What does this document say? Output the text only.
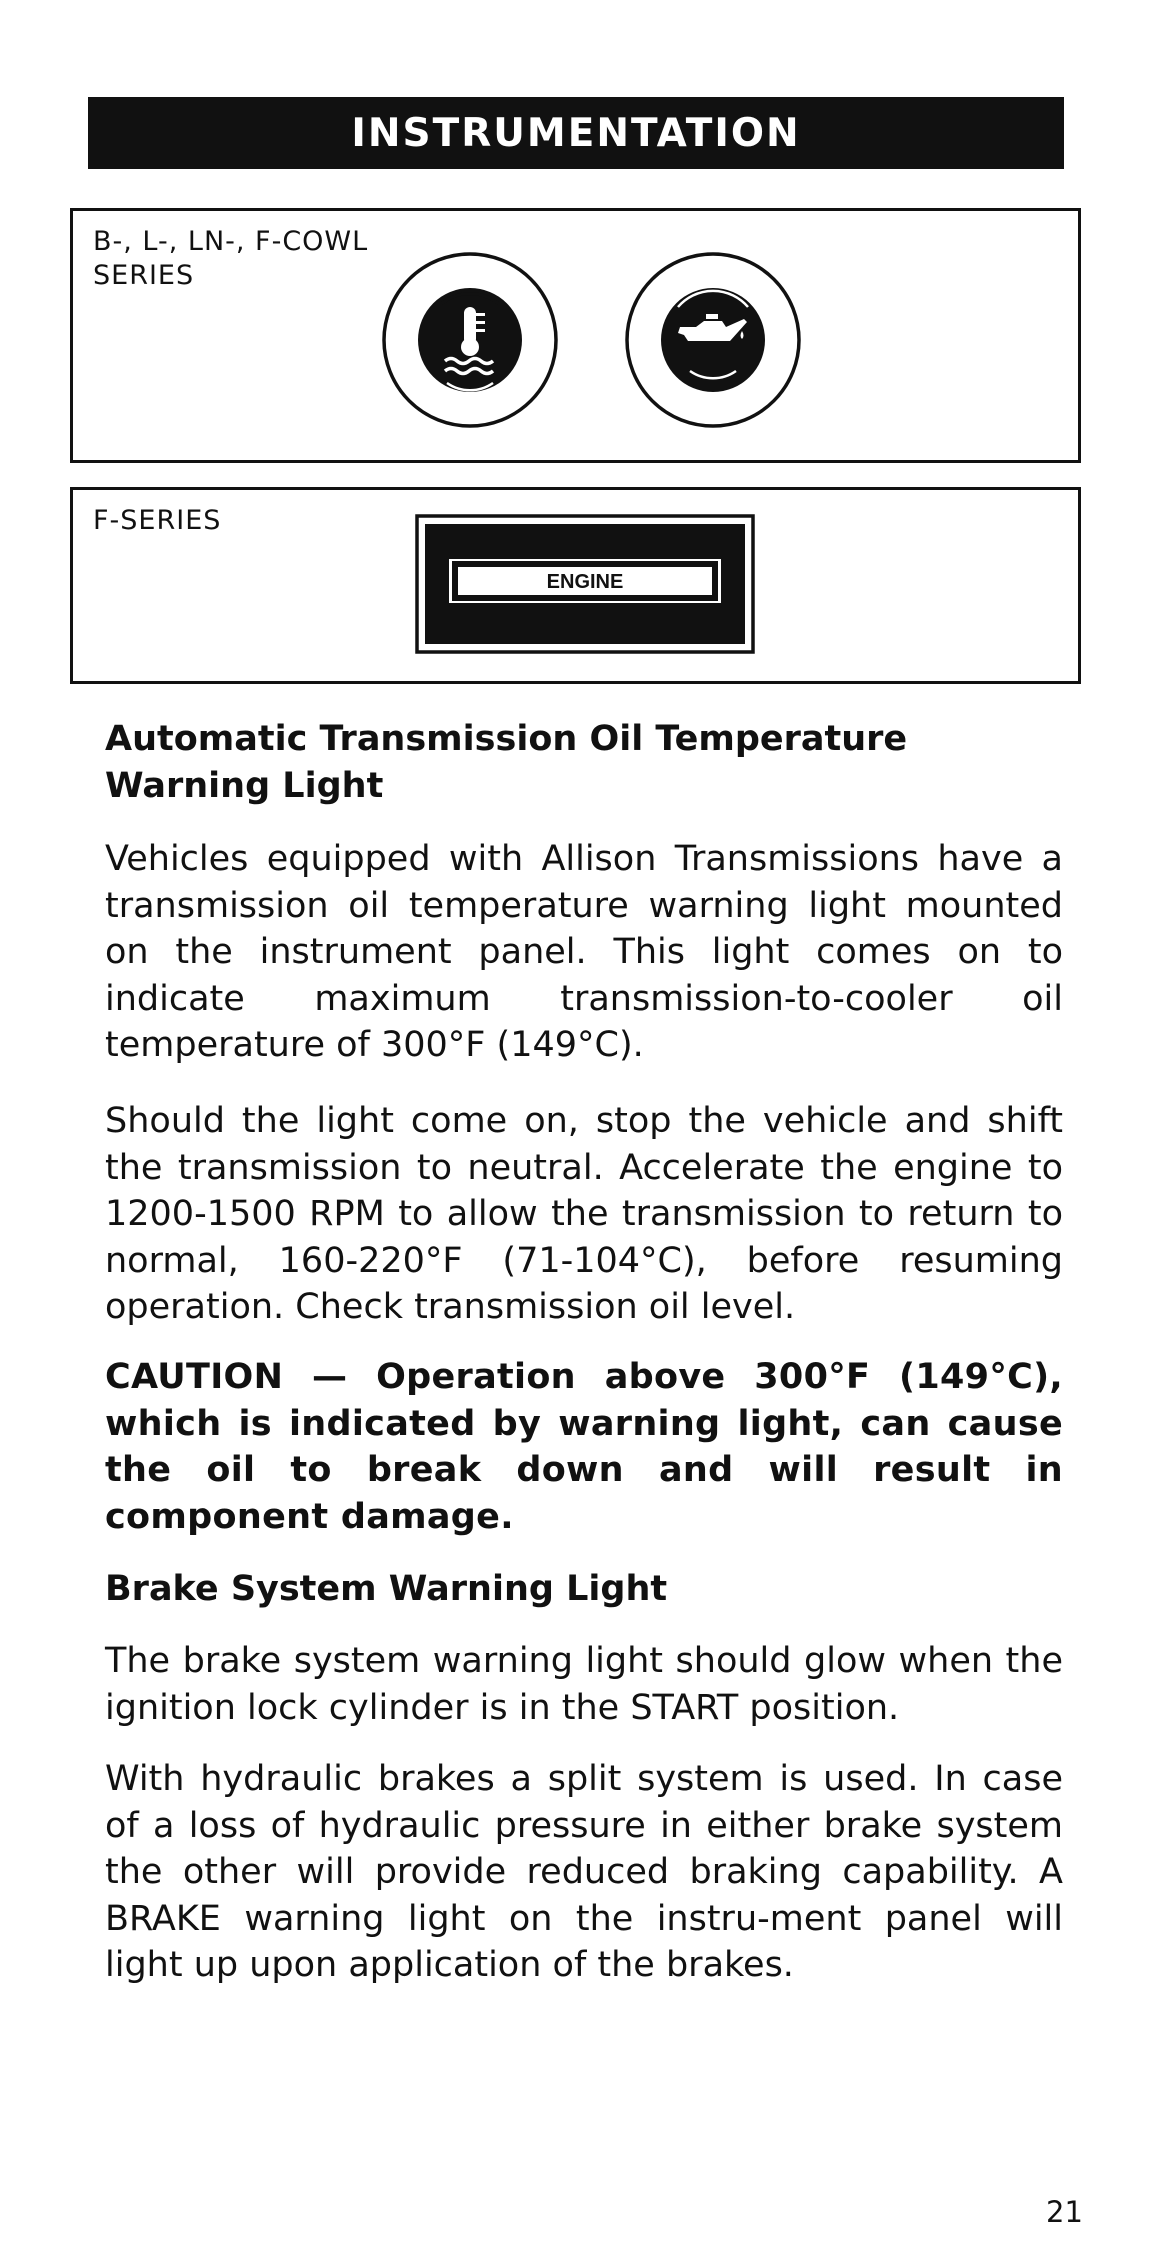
INSTRUMENTATION
B-, L-, LN-, F-COWL
SERIES
F-SERIES
ENGINE
Automatic Transmission Oil Temperature
Warning Light

Vehicles equipped with Allison Transmissions have a transmission oil temperature warning light mounted on the instrument panel. This light comes on to indicate maximum transmission-to-cooler oil temperature of 300°F (149°C).

Should the light come on, stop the vehicle and shift the transmission to neutral. Accelerate the engine to 1200-1500 RPM to allow the transmission to return to normal, 160-220°F (71-104°C), before resuming operation. Check transmission oil level.

CAUTION — Operation above 300°F (149°C), which is indicated by warning light, can cause the oil to break down and will result in component damage.

Brake System Warning Light

The brake system warning light should glow when the ignition lock cylinder is in the START position.

With hydraulic brakes a split system is used. In case of a loss of hydraulic pressure in either brake system the other will provide reduced braking capability. A BRAKE warning light on the instru-ment panel will light up upon application of the brakes.

21
